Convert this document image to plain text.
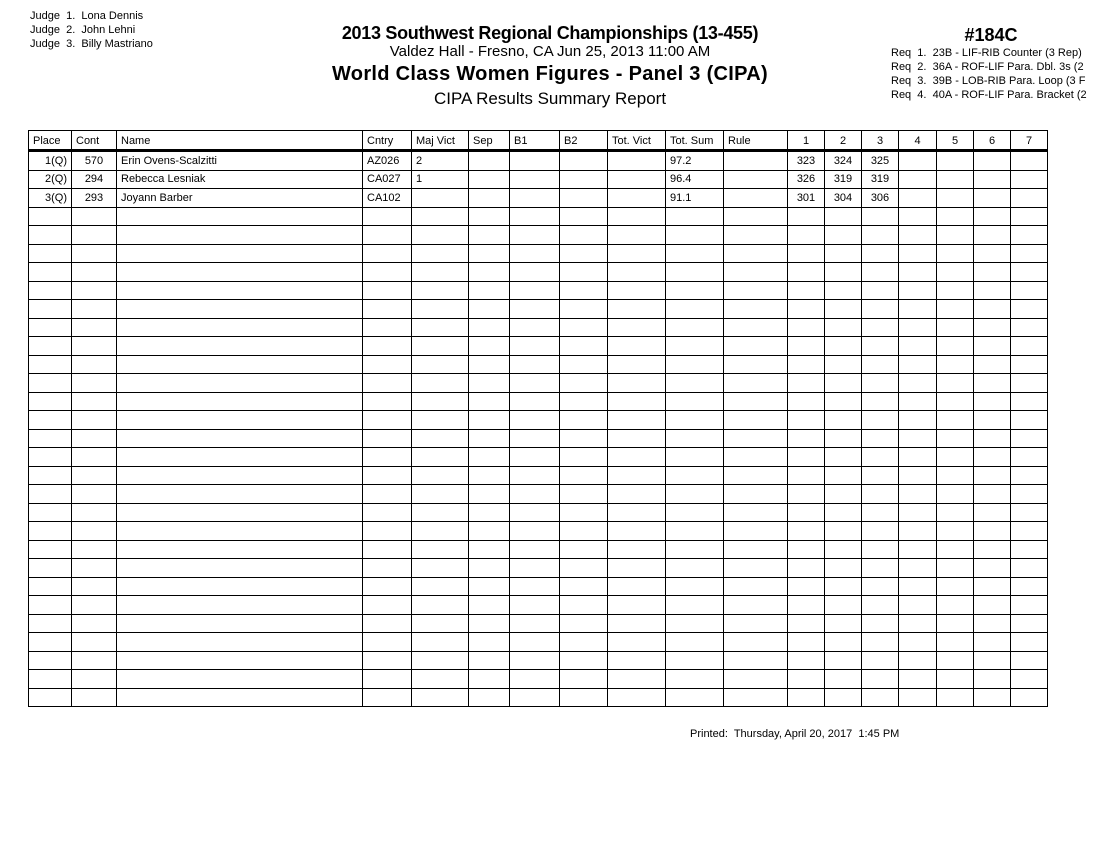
Judge  1. Lona Dennis
Judge  2. John Lehni
Judge  3. Billy Mastriano
2013 Southwest Regional Championships (13-455)
Valdez Hall - Fresno, CA Jun 25, 2013 11:00 AM
World Class Women Figures - Panel 3 (CIPA)
CIPA Results Summary Report
#184C
Req  1.  23B - LIF-RIB Counter (3 Rep)
Req  2.  36A - ROF-LIF Para. Dbl. 3s (2
Req  3.  39B - LOB-RIB Para. Loop (3 F
Req  4.  40A - ROF-LIF Para. Bracket (2
Place	Cont	Name	Cntry	Maj Vict	Sep	B1	B2	Tot. Vict	Tot. Sum	Rule	1	2	3	4	5	6	7
1(Q)	570	Erin Ovens-Scalzitti	AZ026	2					97.2		323	324	325				
2(Q)	294	Rebecca Lesniak	CA027	1					96.4		326	319	319				
3(Q)	293	Joyann Barber	CA102						91.1		301	304	306				

Printed:  Thursday, April 20, 2017  1:45 PM
